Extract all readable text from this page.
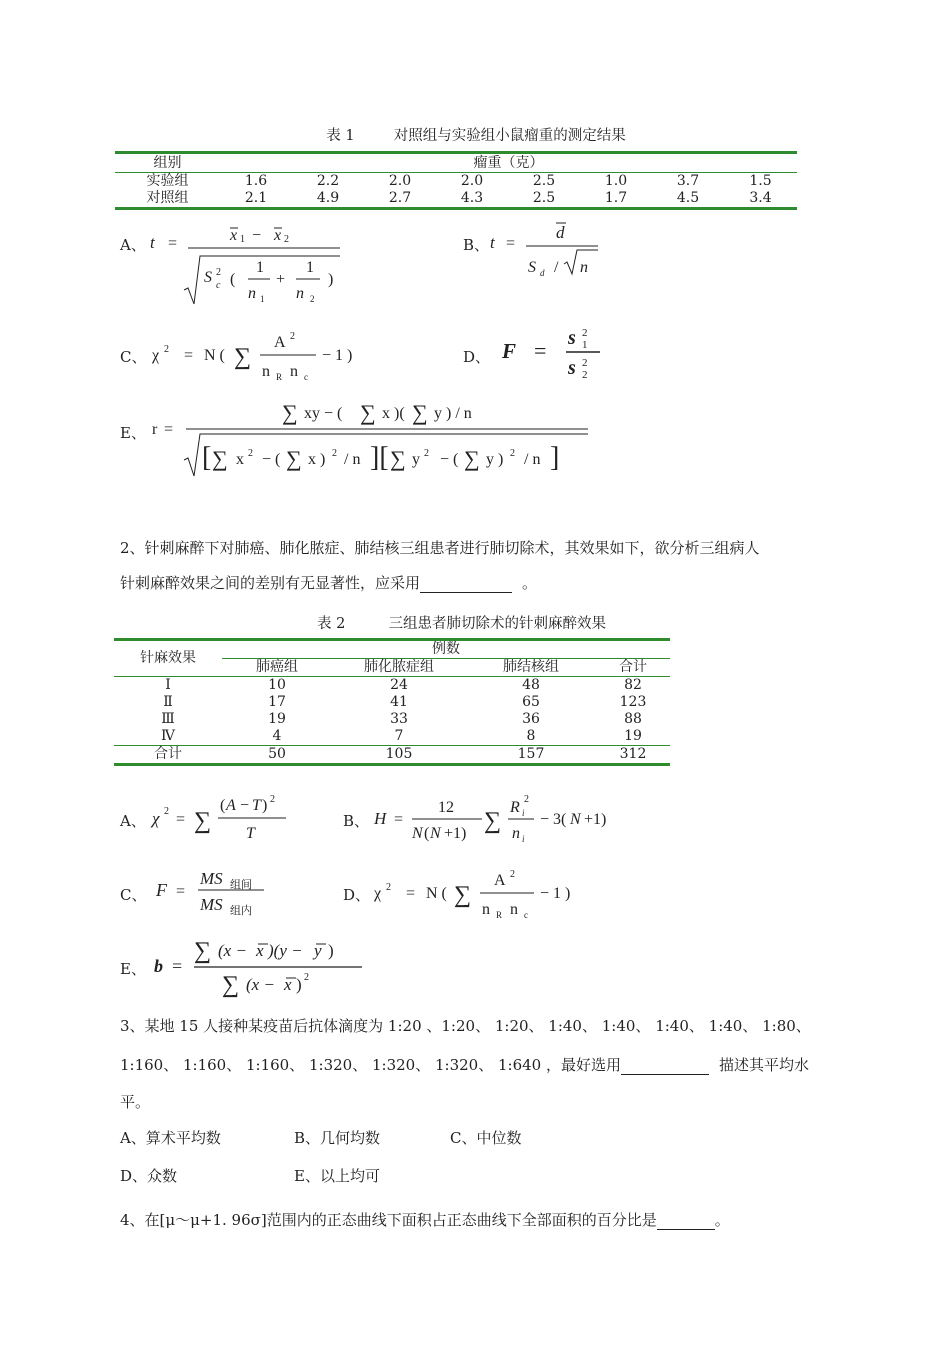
表 1	对照组与实验组小鼠瘤重的测定结果
组别	瘤重（克）							
实验组	1.6	2.2	2.0	2.0	2.5	1.0	3.7	1.5
对照组	2.1	4.9	2.7	4.3	2.5	1.7	4.5	3.4
A、 t =	x 1 − x 2
S 2
c (
1
n 1
+
1
n 2
)
B、 t =
d
S d / n
C、 χ 2 = N ( ∑
A 2
n R n c
− 1 )	D、 F = s 2
1
s 2
2
E、 r =
∑ xy − ( ∑ x )( ∑ y ) / n
[ ∑ x 2 − ( ∑ x ) 2 / n ][ ∑ y 2 − ( ∑ y ) 2 / n ]
2、针刺麻醉下对肺癌、肺化脓症、肺结核三组患者进行肺切除术，其效果如下，欲分析三组病人
针刺麻醉效果之间的差别有无显著性，应采用	。
表 2	三组患者肺切除术的针刺麻醉效果
针麻效果	例数			
	肺癌组	肺化脓症组	肺结核组	合计
Ⅰ	10	24	48	82
Ⅱ	17	41	65	123
Ⅲ	19	33	36	88
Ⅳ	4	7	8	19
合计	50	105	157	312
A、 χ 2 = ∑
( A − T ) 2
T
B、 H =
12
N ( N +1) ∑
R i
2
n i
− 3( N +1)
C、 F =
MS 组间
MS 组内
D、 χ 2 = N ( ∑
A 2
n R n c
− 1 )
E、 b =
∑ (x − x )(y − y )
∑ (x − x ) 2
3、某地 15 人接种某疫苗后抗体滴度为 1:20 、1:20、 1:20、 1:40、 1:40、 1:40、 1:40、 1:80、
1:160、 1:160、 1:160、 1:320、 1:320、 1:320、 1:640 ，最好选用	描述其平均水
平。
A、算术平均数	B、几何均数	C、中位数
D、众数	E、以上均可
4、在[μ～μ+1. 96σ]范围内的正态曲线下面积占正态曲线下全部面积的百分比是	。
